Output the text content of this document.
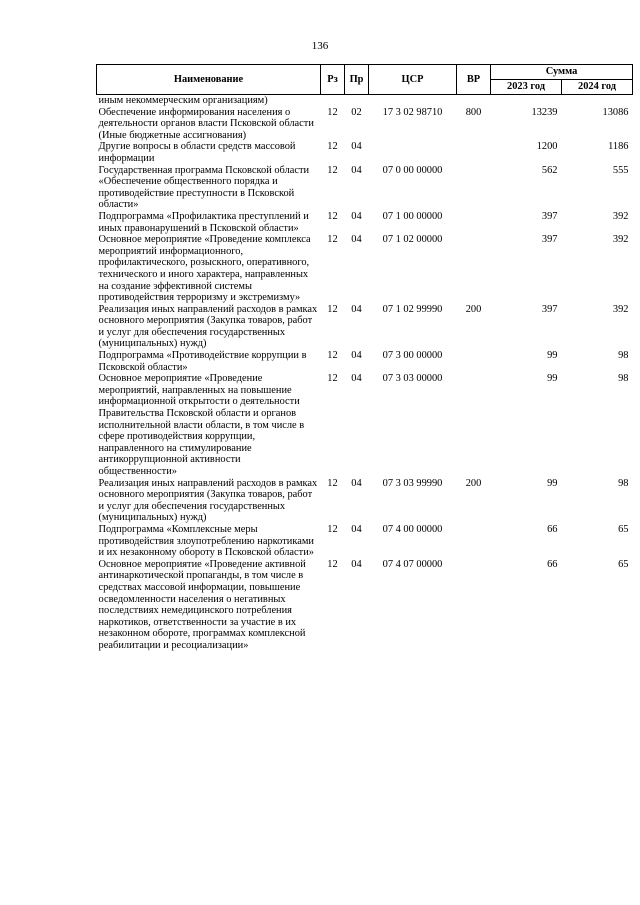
136
Наименование	Рз	Пр	ЦСР	ВР	Сумма	
					2023 год	2024 год
иным некоммерческим организациям)						
Обеспечение информирования населения о деятельности органов власти Псковской области (Иные бюджетные ассигнования)	12	02	17 3 02 98710	800	13239	13086
Другие вопросы в области средств массовой информации	12	04			1200	1186
Государственная программа Псковской области «Обеспечение общественного порядка и противодействие преступности в Псковской области»	12	04	07 0 00 00000		562	555
Подпрограмма «Профилактика преступлений и иных правонарушений в Псковской области»	12	04	07 1 00 00000		397	392
Основное мероприятие «Проведение комплекса мероприятий информационного, профилактического, розыскного, оперативного, технического и иного характера, направленных на создание эффективной системы противодействия терроризму и экстремизму»	12	04	07 1 02 00000		397	392
Реализация иных направлений расходов в рамках основного мероприятия (Закупка товаров, работ и услуг для обеспечения государственных (муниципальных) нужд)	12	04	07 1 02 99990	200	397	392
Подпрограмма «Противодействие коррупции в Псковской области»	12	04	07 3 00 00000		99	98
Основное мероприятие «Проведение мероприятий, направленных на повышение информационной открытости о деятельности Правительства Псковской области и органов исполнительной власти области, в том числе в сфере противодействия коррупции, направленного на стимулирование антикоррупционной активности общественности»	12	04	07 3 03 00000		99	98
Реализация иных направлений расходов в рамках основного мероприятия (Закупка товаров, работ и услуг для обеспечения государственных (муниципальных) нужд)	12	04	07 3 03 99990	200	99	98
Подпрограмма «Комплексные меры противодействия злоупотреблению наркотиками и их незаконному обороту в Псковской области»	12	04	07 4 00 00000		66	65
Основное мероприятие «Проведение активной антинаркотической пропаганды, в том числе в средствах массовой информации, повышение осведомленности населения о негативных последствиях немедицинского потребления наркотиков, ответственности за участие в их незаконном обороте, программах комплексной реабилитации и ресоциализации»	12	04	07 4 07 00000		66	65
